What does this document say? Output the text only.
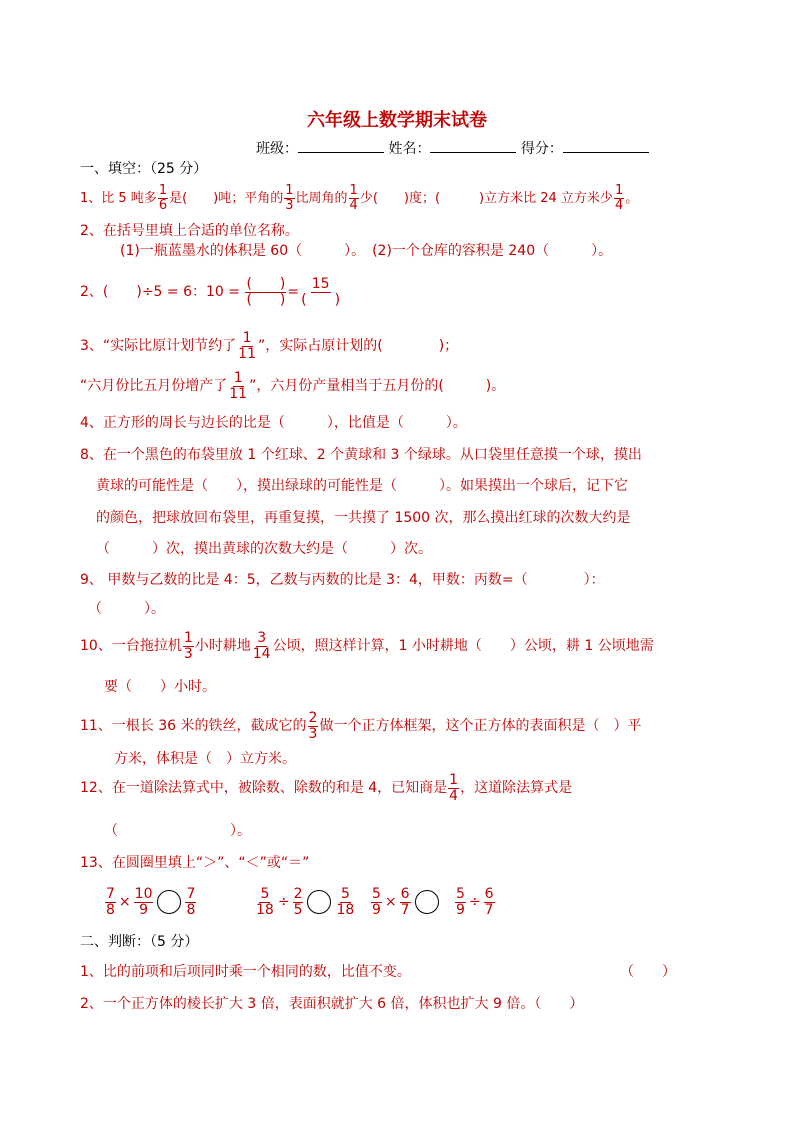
六年级上数学期末试卷
班级：	姓名：	得分：
一、填空：（25 分）
1、比 5 吨多 $\frac{1}{6}$ 是(　　)吨；平角的 $\frac{1}{3}$ 比周角的 $\frac{1}{4}$ 少(　　)度；(　　　)立方米比 24 立方米少 $\frac{1}{4}$ 。
2、在括号里填上合适的单位名称。
(1)一瓶蓝墨水的体积是 60（　　　）。　(2)一个仓库的容积是 240（　　　）。
2、(　　)÷5 = 6：$10 = \frac{( )}{( )} = \frac{15}{( )}$
3、“实际比原计划节约了 $\frac{1}{11}$ ”，实际占原计划的(　　　　)；
“六月份比五月份增产了 $\frac{1}{11}$ ”，六月份产量相当于五月份的(　　　)。
4、正方形的周长与边长的比是（　　　），比值是（　　　）。
8、在一个黑色的布袋里放 1 个红球、2 个黄球和 3 个绿球。从口袋里任意摸一个球，摸出
黄球的可能性是（　　），摸出绿球的可能性是（　　　）。如果摸出一个球后，记下它
的颜色，把球放回布袋里，再重复摸，一共摸了 1500 次，那么摸出红球的次数大约是
（　　　）次，摸出黄球的次数大约是（　　　）次。
9、 甲数与乙数的比是 4：5，乙数与丙数的比是 3：4，甲数：丙数=（　　　　）：
（　　　）。
10、一台拖拉机 $\frac{1}{3}$ 小时耕地 $\frac{3}{14}$ 公顷，照这样计算，1 小时耕地（　　）公顷，耕 1 公顷地需
要（　　）小时。
11、一根长 36 米的铁丝，截成它的 $\frac{2}{3}$ 做一个正方体框架，这个正方体的表面积是（　）平
方米，体积是（　）立方米。
12、在一道除法算式中，被除数、除数的和是 4，已知商是 $\frac{1}{4}$ ，这道除法算式是
（　　　　　　　　）。
13、在圆圈里填上“＞”、“＜”或“＝”
$\frac{7}{8} \times \frac{10}{9} \frac{7}{8}$	$\frac{5}{18} \div \frac{2}{5} \frac{5}{18} \frac{5}{9} \times \frac{6}{7}$	$\frac{5}{9} \div \frac{6}{7}$
二、判断：（5 分）
1、比的前项和后项同时乘一个相同的数，比值不变。	（　　）
2、一个正方体的棱长扩大 3 倍，表面积就扩大 6 倍，体积也扩大 9 倍。（　　）
